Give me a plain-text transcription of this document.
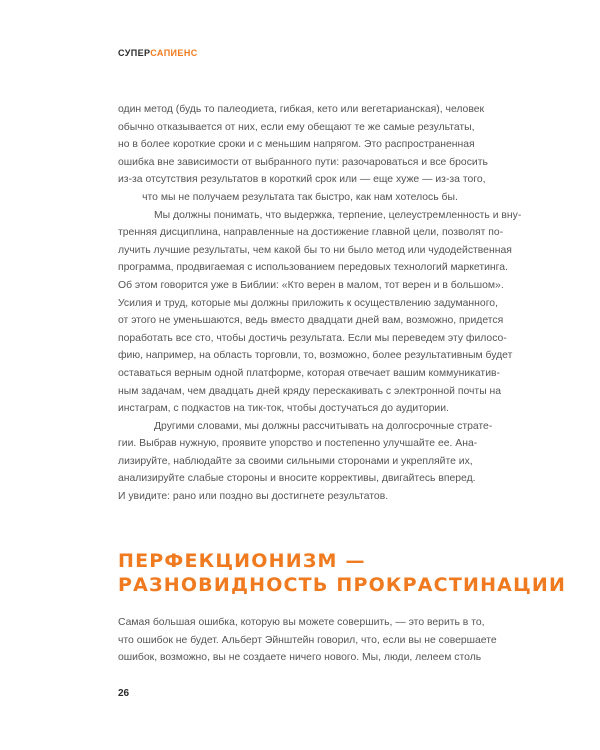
СУПЕРСАПИЕНС

один метод (будь то палеодиета, гибкая, кето или вегетарианская), человек
обычно отказывается от них, если ему обещают те же самые результаты,
но в более короткие сроки и с меньшим напрягом. Это распространенная
ошибка вне зависимости от выбранного пути: разочароваться и все бросить
из-за отсутствия результатов в короткий срок или — еще хуже — из-за того,
что мы не получаем результата так быстро, как нам хотелось бы.

Мы должны понимать, что выдержка, терпение, целеустремленность и вну-
тренняя дисциплина, направленные на достижение главной цели, позволят по-
лучить лучшие результаты, чем какой бы то ни было метод или чудодейственная
программа, продвигаемая с использованием передовых технологий маркетинга.
Об этом говорится уже в Библии: «Кто верен в малом, тот верен и в большом».
Усилия и труд, которые мы должны приложить к осуществлению задуманного,
от этого не уменьшаются, ведь вместо двадцати дней вам, возможно, придется
поработать все сто, чтобы достичь результата. Если мы переведем эту филосо-
фию, например, на область торговли, то, возможно, более результативным будет
оставаться верным одной платформе, которая отвечает вашим коммуникатив-
ным задачам, чем двадцать дней кряду перескакивать с электронной почты на
инстаграм, с подкастов на тик-ток, чтобы достучаться до аудитории.

Другими словами, мы должны рассчитывать на долгосрочные страте-
гии. Выбрав нужную, проявите упорство и постепенно улучшайте ее. Ана-
лизируйте, наблюдайте за своими сильными сторонами и укрепляйте их,
анализируйте слабые стороны и вносите коррективы, двигайтесь вперед.
И увидите: рано или поздно вы достигнете результатов.

ПЕРФЕКЦИОНИЗМ —
РАЗНОВИДНОСТЬ ПРОКРАСТИНАЦИИ
Самая большая ошибка, которую вы можете совершить, — это верить в то,
что ошибок не будет. Альберт Эйнштейн говорил, что, если вы не совершаете
ошибок, возможно, вы не создаете ничего нового. Мы, люди, лелеем столь
26
